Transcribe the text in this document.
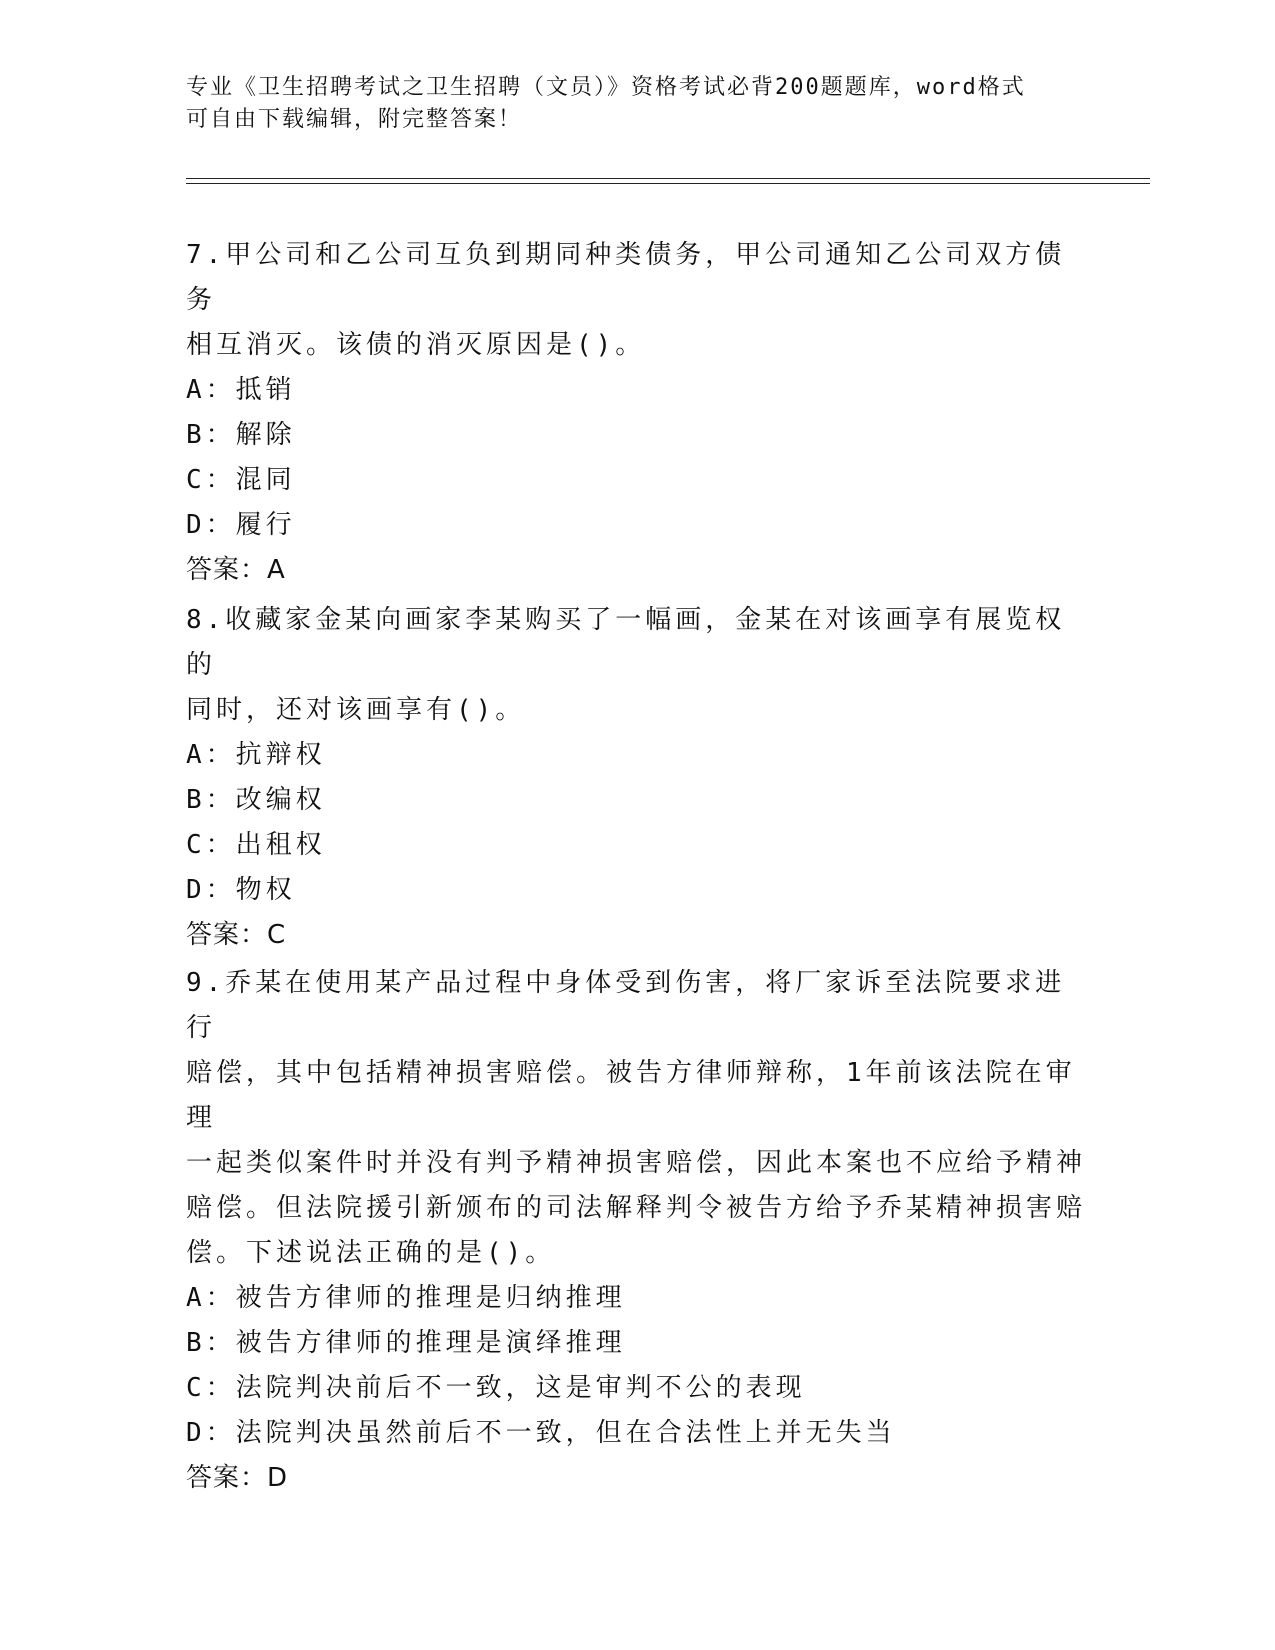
专业《卫生招聘考试之卫生招聘（文员）》资格考试必背200题题库，word格式
可自由下载编辑，附完整答案！

7.甲公司和乙公司互负到期同种类债务，甲公司通知乙公司双方债务

相互消灭。该债的消灭原因是()。

A：抵销

B：解除

C：混同

D：履行

答案：A

8.收藏家金某向画家李某购买了一幅画，金某在对该画享有展览权的

同时，还对该画享有()。

A：抗辩权

B：改编权

C：出租权

D：物权

答案：C

9.乔某在使用某产品过程中身体受到伤害，将厂家诉至法院要求进行

赔偿，其中包括精神损害赔偿。被告方律师辩称，1年前该法院在审理

一起类似案件时并没有判予精神损害赔偿，因此本案也不应给予精神

赔偿。但法院援引新颁布的司法解释判令被告方给予乔某精神损害赔

偿。下述说法正确的是()。

A：被告方律师的推理是归纳推理

B：被告方律师的推理是演绎推理

C：法院判决前后不一致，这是审判不公的表现

D：法院判决虽然前后不一致，但在合法性上并无失当

答案：D
